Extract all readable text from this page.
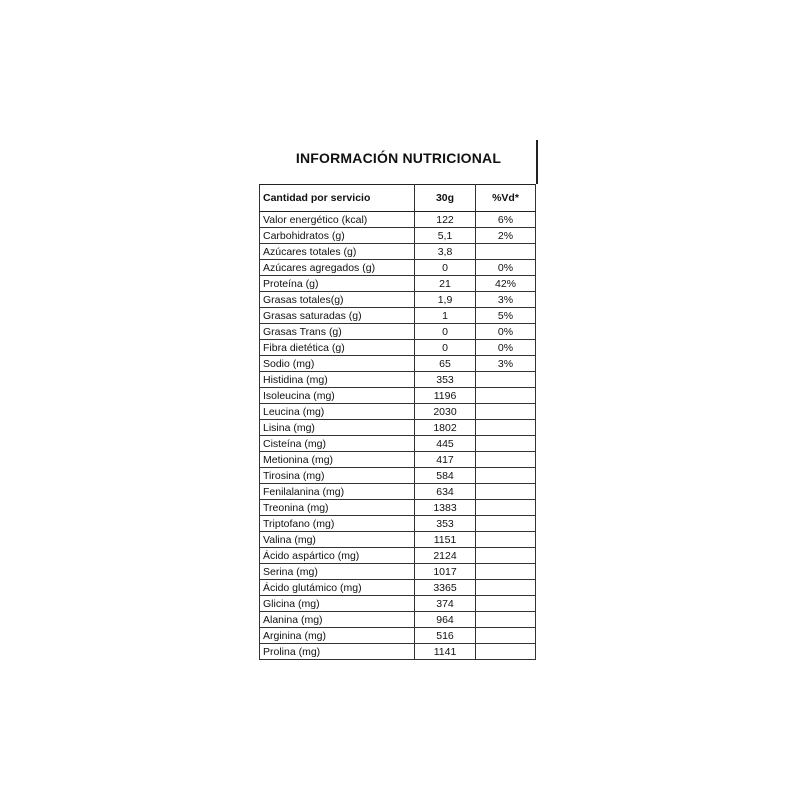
INFORMACIÓN NUTRICIONAL
Cantidad por servicio	30g	%Vd*
Valor energético (kcal)	122	6%
Carbohidratos (g)	5,1	2%
Azúcares totales (g)	3,8	
Azúcares agregados (g)	0	0%
Proteína (g)	21	42%
Grasas totales(g)	1,9	3%
Grasas saturadas (g)	1	5%
Grasas Trans (g)	0	0%
Fibra dietética (g)	0	0%
Sodio (mg)	65	3%
Histidina (mg)	353	
Isoleucina (mg)	1196	
Leucina (mg)	2030	
Lisina (mg)	1802	
Cisteína (mg)	445	
Metionina (mg)	417	
Tirosina (mg)	584	
Fenilalanina (mg)	634	
Treonina (mg)	1383	
Triptofano (mg)	353	
Valina (mg)	1151	
Ácido aspártico (mg)	2124	
Serina (mg)	1017	
Ácido glutámico (mg)	3365	
Glicina (mg)	374	
Alanina (mg)	964	
Arginina (mg)	516	
Prolina (mg)	1141	
